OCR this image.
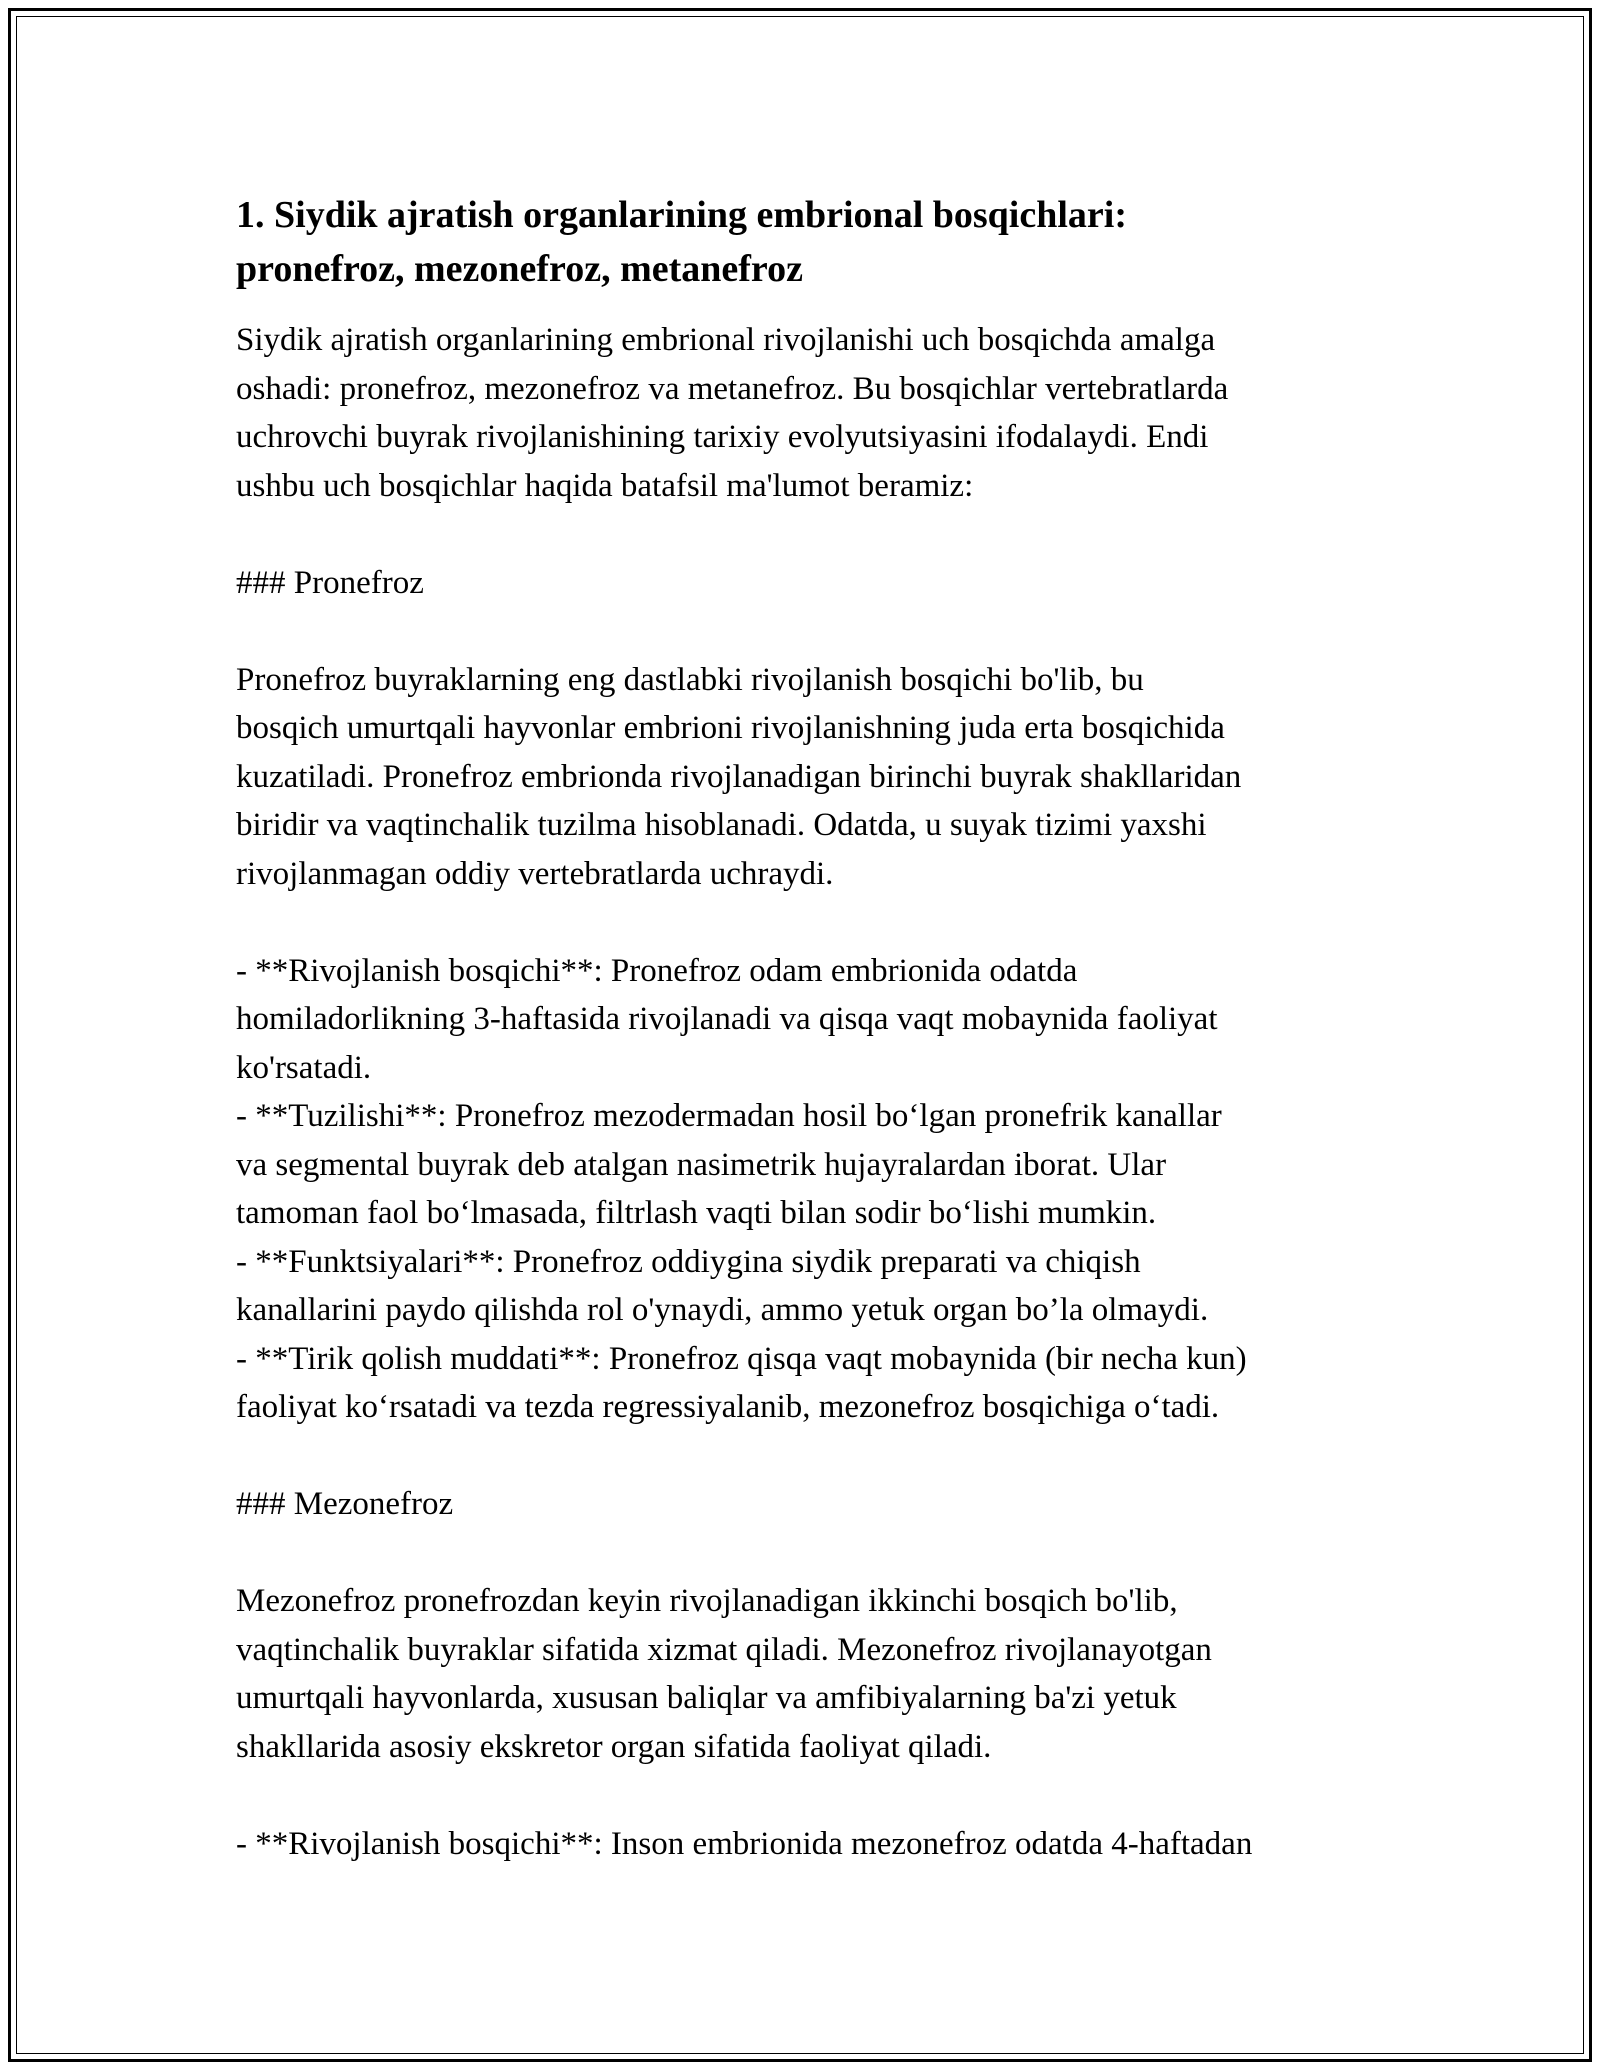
1. Siydik ajratish organlarining embrional bosqichlari:
pronefroz, mezonefroz, metanefroz

Siydik ajratish organlarining embrional rivojlanishi uch bosqichda amalga
oshadi: pronefroz, mezonefroz va metanefroz. Bu bosqichlar vertebratlarda
uchrovchi buyrak rivojlanishining tarixiy evolyutsiyasini ifodalaydi. Endi
ushbu uch bosqichlar haqida batafsil ma'lumot beramiz:

### Pronefroz

Pronefroz buyraklarning eng dastlabki rivojlanish bosqichi bo'lib, bu
bosqich umurtqali hayvonlar embrioni rivojlanishning juda erta bosqichida
kuzatiladi. Pronefroz embrionda rivojlanadigan birinchi buyrak shakllaridan
biridir va vaqtinchalik tuzilma hisoblanadi. Odatda, u suyak tizimi yaxshi
rivojlanmagan oddiy vertebratlarda uchraydi.

- **Rivojlanish bosqichi**: Pronefroz odam embrionida odatda
homiladorlikning 3-haftasida rivojlanadi va qisqa vaqt mobaynida faoliyat
ko'rsatadi.
- **Tuzilishi**: Pronefroz mezodermadan hosil bo‘lgan pronefrik kanallar
va segmental buyrak deb atalgan nasimetrik hujayralardan iborat. Ular
tamoman faol bo‘lmasada, filtrlash vaqti bilan sodir bo‘lishi mumkin.
- **Funktsiyalari**: Pronefroz oddiygina siydik preparati va chiqish
kanallarini paydo qilishda rol o'ynaydi, ammo yetuk organ bo’la olmaydi.
- **Tirik qolish muddati**: Pronefroz qisqa vaqt mobaynida (bir necha kun)
faoliyat ko‘rsatadi va tezda regressiyalanib, mezonefroz bosqichiga o‘tadi.

### Mezonefroz

Mezonefroz pronefrozdan keyin rivojlanadigan ikkinchi bosqich bo'lib,
vaqtinchalik buyraklar sifatida xizmat qiladi. Mezonefroz rivojlanayotgan
umurtqali hayvonlarda, xususan baliqlar va amfibiyalarning ba'zi yetuk
shakllarida asosiy ekskretor organ sifatida faoliyat qiladi.

- **Rivojlanish bosqichi**: Inson embrionida mezonefroz odatda 4-haftadan
